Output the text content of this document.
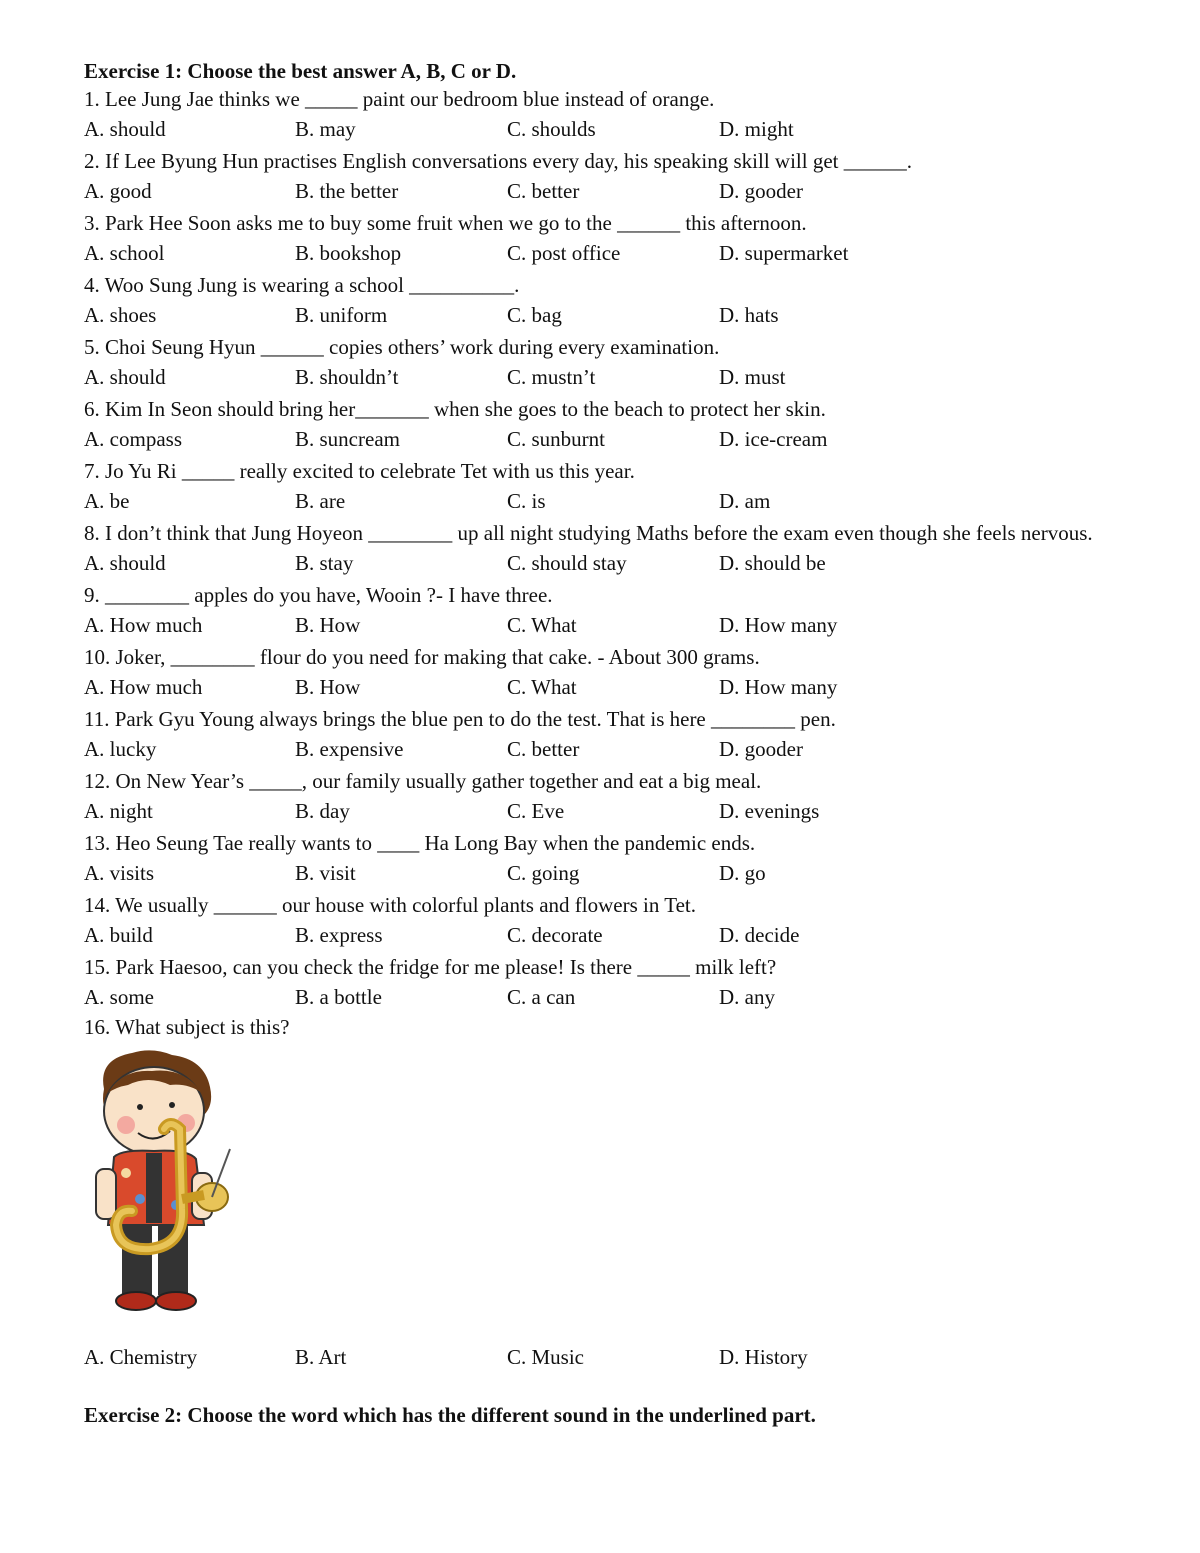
Exercise 1: Choose the best answer A, B, C or D.
1. Lee Jung Jae thinks we _____ paint our bedroom blue instead of orange.
A. should	B. may	C. shoulds	D. might
2. If Lee Byung Hun practises English conversations every day, his speaking skill will get ______.
A. good	B. the better	C. better	D. gooder
3. Park Hee Soon asks me to buy some fruit when we go to the ______ this afternoon.
A. school	B. bookshop	C. post office	D. supermarket
4. Woo Sung Jung is wearing a school __________.
A. shoes	B. uniform	C. bag	D. hats
5. Choi Seung Hyun ______ copies others’ work during every examination.
A. should	B. shouldn’t	C. mustn’t	D. must
6. Kim In Seon should bring her_______ when she goes to the beach to protect her skin.
A. compass	B. suncream	C. sunburnt	D. ice-cream
7. Jo Yu Ri _____ really excited to celebrate Tet with us this year.
A. be	B. are	C. is	D. am
8. I don’t think that Jung Hoyeon ________ up all night studying Maths before the exam even though she feels nervous.
A. should	B. stay	C. should stay	D. should be
9. ________ apples do you have, Wooin ?- I have three.
A. How much	B. How	C. What	D. How many
10. Joker, ________ flour do you need for making that cake. - About 300 grams.
A. How much	B. How	C. What	D. How many
11. Park Gyu Young always brings the blue pen to do the test. That is here ________ pen.
A. lucky	B. expensive	C. better	D. gooder
12. On New Year’s _____, our family usually gather together and eat a big meal.
A. night	B. day	C. Eve	D. evenings
13. Heo Seung Tae really wants to ____ Ha Long Bay when the pandemic ends.
A. visits	B. visit	C. going	D. go
14. We usually ______ our house with colorful plants and flowers in Tet.
A. build	B. express	C. decorate	D. decide
15. Park Haesoo, can you check the fridge for me please! Is there _____ milk left?
A. some	B. a bottle	C. a can	D. any
16. What subject is this?
A. Chemistry	B. Art	C. Music	D. History
Exercise 2: Choose the word which has the different sound in the underlined part.
